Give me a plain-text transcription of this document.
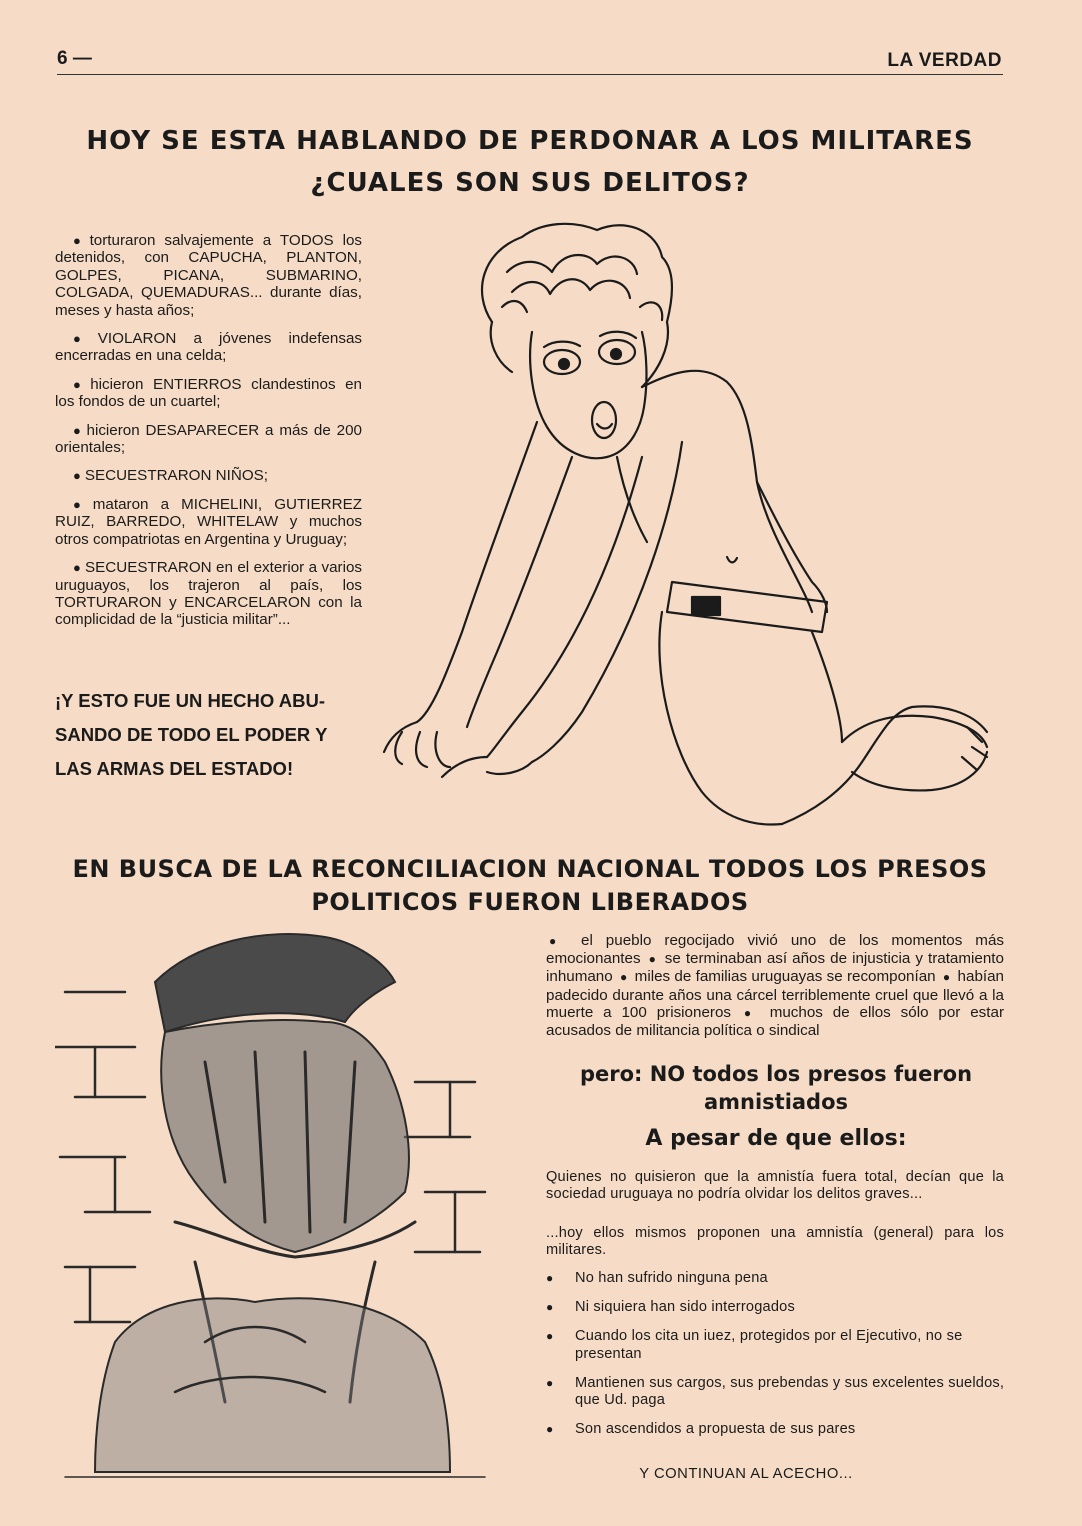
6 —	LA VERDAD
HOY SE ESTA HABLANDO DE PERDONAR A LOS MILITARES
¿CUALES SON SUS DELITOS?

● torturaron salvajemente a TODOS los detenidos, con CAPUCHA, PLANTON, GOLPES, PICANA, SUBMARINO, COLGADA, QUEMADURAS... durante días, meses y hasta años;

● VIOLARON a jóvenes indefensas encerradas en una celda;

● hicieron ENTIERROS clandestinos en los fondos de un cuartel;

● hicieron DESAPARECER a más de 200 orientales;

● SECUESTRARON NIÑOS;

● mataron a MICHELINI, GUTIERREZ RUIZ, BARREDO, WHITELAW y muchos otros compatriotas en Argentina y Uruguay;

● SECUESTRARON en el exterior a varios uruguayos, los trajeron al país, los TORTURARON y ENCARCELARON con la complicidad de la “justicia militar”...

¡Y ESTO FUE UN HECHO ABU-
SANDO DE TODO EL PODER Y
LAS ARMAS DEL ESTADO!
EN BUSCA DE LA RECONCILIACION NACIONAL TODOS LOS PRESOS
POLITICOS FUERON LIBERADOS
● el pueblo regocijado vivió uno de los momentos más emocionantes ● se terminaban así años de injusticia y tratamiento inhumano ● miles de familias uruguayas se recomponían ● habían padecido durante años una cárcel terriblemente cruel que llevó a la muerte a 100 prisioneros ● muchos de ellos sólo por estar acusados de militancia política o sindical
pero: NO todos los presos fueron
amnistiados
A pesar de que ellos:
Quienes no quisieron que la amnistía fuera total, decían que la sociedad uruguaya no podría olvidar los delitos graves...
...hoy ellos mismos proponen una amnistía (general) para los militares.
● No han sufrido ninguna pena
● Ni siquiera han sido interrogados
● Cuando los cita un iuez, protegidos por el Ejecutivo, no se presentan
● Mantienen sus cargos, sus prebendas y sus excelentes sueldos, que Ud. paga
● Son ascendidos a propuesta de sus pares
Y CONTINUAN AL ACECHO...
